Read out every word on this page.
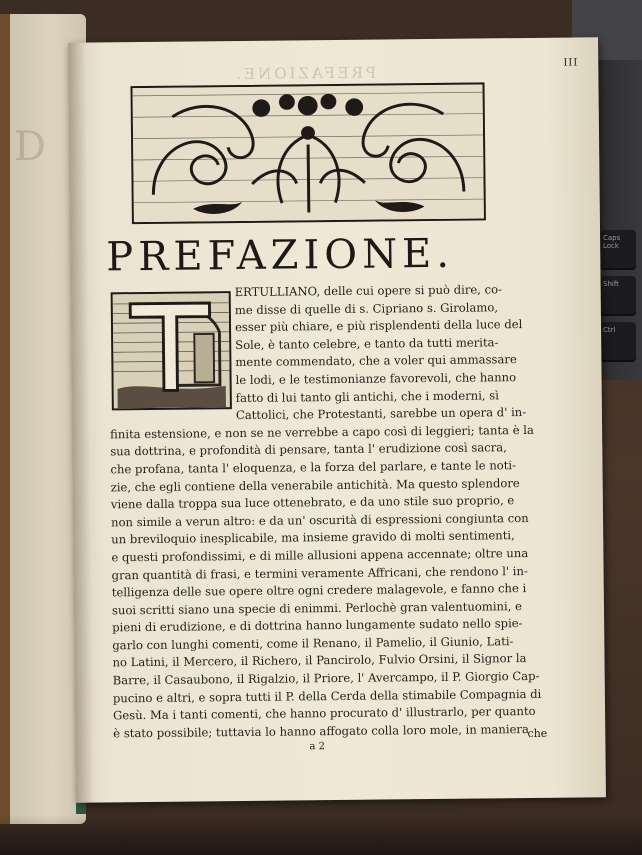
Caps Lock
Shift
Ctrl
D
PREFAZIONE.
III
PREFAZIONE.
ERTULLIANO, delle cui opere si può dire, co-
me disse di quelle di s. Cipriano s. Girolamo,
esser più chiare, e più risplendenti della luce del
Sole, è tanto celebre, e tanto da tutti merita-
mente commendato, che a voler qui ammassare
le lodi, e le testimonianze favorevoli, che hanno
fatto di lui tanto gli antichi, che i moderni, sì
Cattolici, che Protestanti, sarebbe un opera d' in-
finita estensione, e non se ne verrebbe a capo così di leggieri; tanta è la
sua dottrina, e profondità di pensare, tanta l' erudizione così sacra,
che profana, tanta l' eloquenza, e la forza del parlare, e tante le noti-
zie, che egli contiene della venerabile antichità. Ma questo splendore
viene dalla troppa sua luce ottenebrato, e da uno stile suo proprio, e
non simile a verun altro: e da un' oscurità di espressioni congiunta con
un breviloquio inesplicabile, ma insieme gravido di molti sentimenti,
e questi profondissimi, e di mille allusioni appena accennate; oltre una
gran quantità di frasi, e termini veramente Affricani, che rendono l' in-
telligenza delle sue opere oltre ogni credere malagevole, e fanno che i
suoi scritti siano una specie di enimmi. Perlochè gran valentuomini, e
pieni di erudizione, e di dottrina hanno lungamente sudato nello spie-
garlo con lunghi comenti, come il Renano, il Pamelio, il Giunio, Lati-
no Latini, il Mercero, il Richero, il Pancirolo, Fulvio Orsini, il Signor la
Barre, il Casaubono, il Rigalzio, il Priore, l' Avercampo, il P. Giorgio Cap-
pucino e altri, e sopra tutti il P. della Cerda della stimabile Compagnia di
Gesù. Ma i tanti comenti, che hanno procurato d' illustrarlo, per quanto
è stato possibile; tuttavia lo hanno affogato colla loro mole, in maniera
che
a 2
